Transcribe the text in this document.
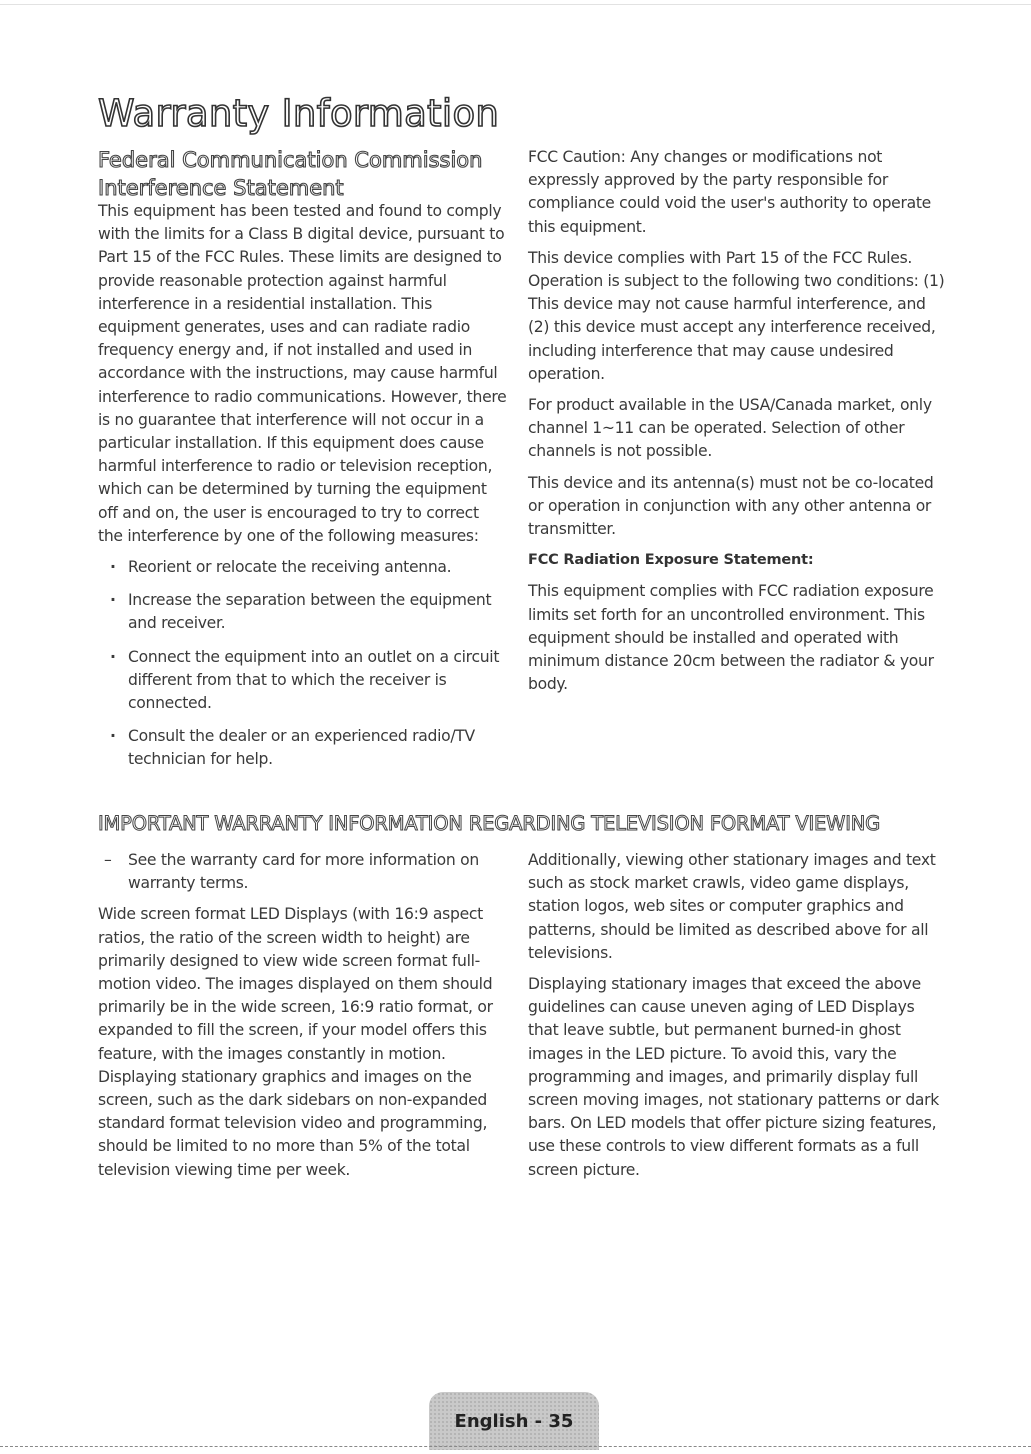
Warranty Information
Federal Communication Commission Interference Statement

This equipment has been tested and found to comply with the limits for a Class B digital device, pursuant to Part 15 of the FCC Rules. These limits are designed to provide reasonable protection against harmful interference in a residential installation. This equipment generates, uses and can radiate radio frequency energy and, if not installed and used in accordance with the instructions, may cause harmful interference to radio communications. However, there is no guarantee that interference will not occur in a particular installation. If this equipment does cause harmful interference to radio or television reception, which can be determined by turning the equipment off and on, the user is encouraged to try to correct the interference by one of the following measures:

· Reorient or relocate the receiving antenna.
· Increase the separation between the equipment and receiver.
· Connect the equipment into an outlet on a circuit different from that to which the receiver is connected.
· Consult the dealer or an experienced radio/TV technician for help.

FCC Caution: Any changes or modifications not expressly approved by the party responsible for compliance could void the user's authority to operate this equipment.

This device complies with Part 15 of the FCC Rules. Operation is subject to the following two conditions: (1) This device may not cause harmful interference, and (2) this device must accept any interference received, including interference that may cause undesired operation.

For product available in the USA/Canada market, only channel 1~11 can be operated. Selection of other channels is not possible.

This device and its antenna(s) must not be co-located or operation in conjunction with any other antenna or transmitter.

FCC Radiation Exposure Statement:

This equipment complies with FCC radiation exposure limits set forth for an uncontrolled environment. This equipment should be installed and operated with minimum distance 20cm between the radiator & your body.

IMPORTANT WARRANTY INFORMATION REGARDING TELEVISION FORMAT VIEWING

– See the warranty card for more information on warranty terms.

Wide screen format LED Displays (with 16:9 aspect ratios, the ratio of the screen width to height) are primarily designed to view wide screen format full-motion video. The images displayed on them should primarily be in the wide screen, 16:9 ratio format, or expanded to fill the screen, if your model offers this feature, with the images constantly in motion. Displaying stationary graphics and images on the screen, such as the dark sidebars on non-expanded standard format television video and programming, should be limited to no more than 5% of the total television viewing time per week.

Additionally, viewing other stationary images and text such as stock market crawls, video game displays, station logos, web sites or computer graphics and patterns, should be limited as described above for all televisions.

Displaying stationary images that exceed the above guidelines can cause uneven aging of LED Displays that leave subtle, but permanent burned-in ghost images in the LED picture. To avoid this, vary the programming and images, and primarily display full screen moving images, not stationary patterns or dark bars. On LED models that offer picture sizing features, use these controls to view different formats as a full screen picture.

English - 35
